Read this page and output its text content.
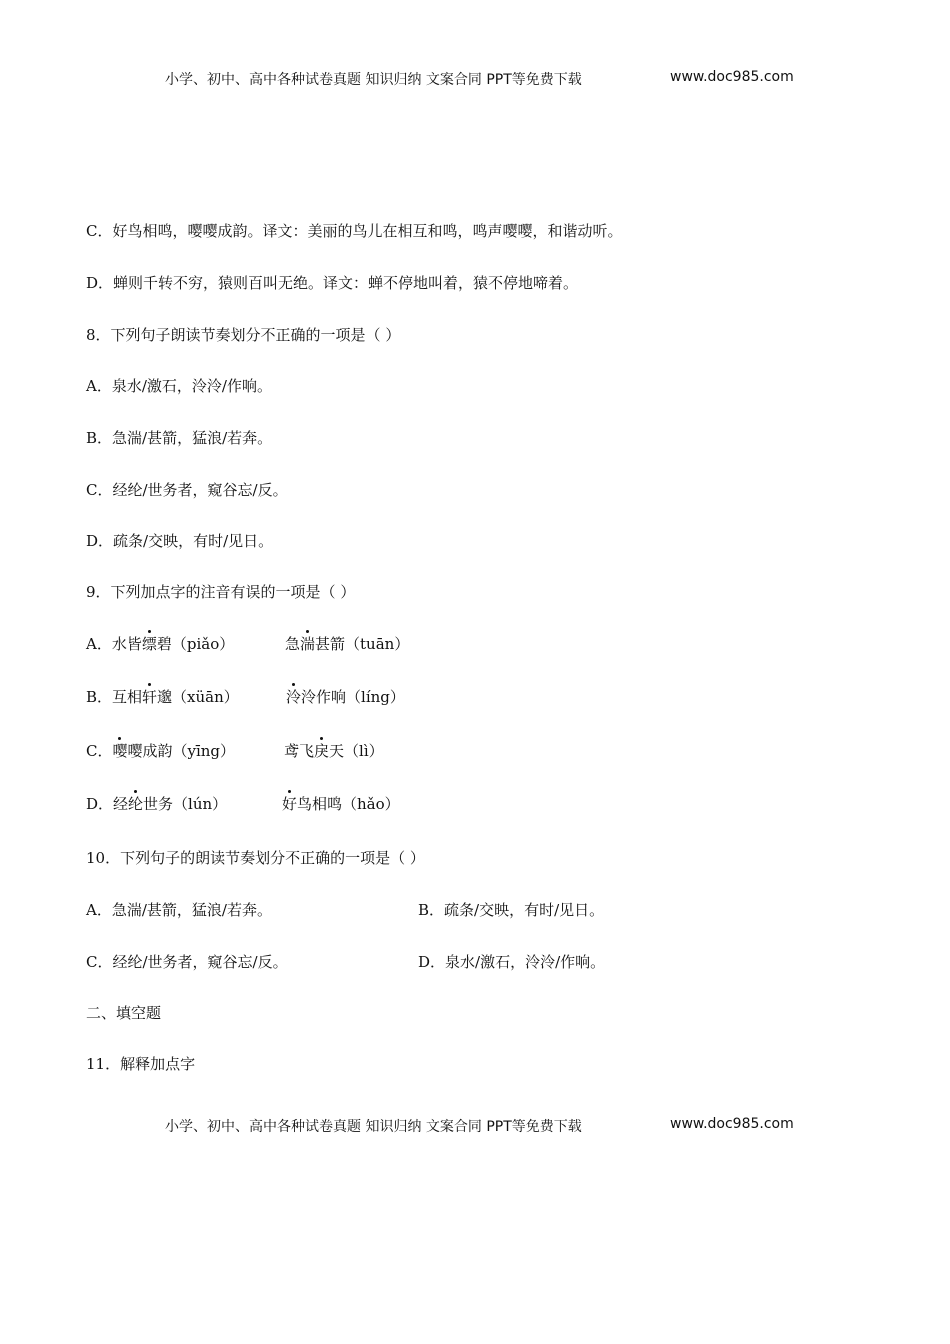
小学、初中、高中各种试卷真题 知识归纳 文案合同 PPT等免费下载	www.doc985.com
C．好鸟相鸣，嘤嘤成韵。译文：美丽的鸟儿在相互和鸣，鸣声嘤嘤，和谐动听。
D．蝉则千转不穷，猿则百叫无绝。译文：蝉不停地叫着，猿不停地啼着。
8．下列句子朗读节奏划分不正确的一项是（ ）
A．泉水/激石，泠泠/作响。
B．急湍/甚箭，猛浪/若奔。
C．经纶/世务者，窥谷忘/反。
D．疏条/交映，有时/见日。
9．下列加点字的注音有误的一项是（ ）
A．水皆缥碧（piǎo）	急湍甚箭（tuān）
B．互相轩邈（xüān）	泠泠作响（líng）
C．嘤嘤成韵（yīng）	鸢飞戾天（lì）
D．经纶世务（lún）	好鸟相鸣（hǎo）
10．下列句子的朗读节奏划分不正确的一项是（ ）
A．急湍/甚箭，猛浪/若奔。	B．疏条/交映，有时/见日。
C．经纶/世务者，窥谷忘/反。	D．泉水/激石，泠泠/作响。
二、填空题
11．解释加点字
小学、初中、高中各种试卷真题 知识归纳 文案合同 PPT等免费下载	www.doc985.com
